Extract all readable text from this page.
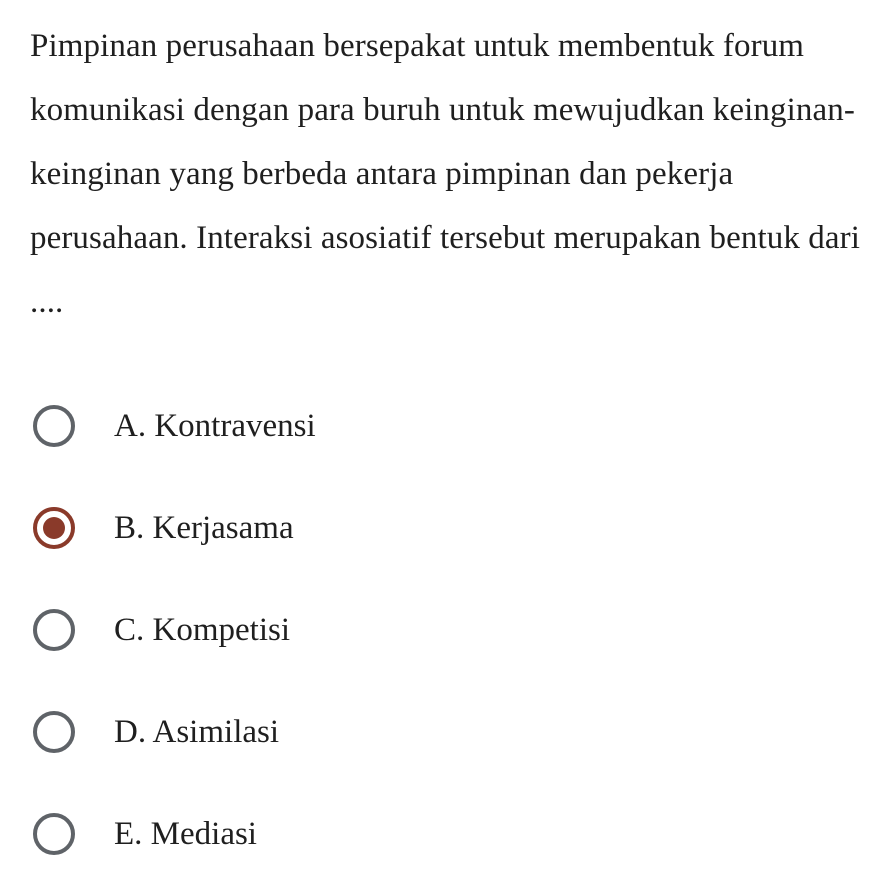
Pimpinan perusahaan bersepakat untuk membentuk forum komunikasi dengan para buruh untuk mewujudkan keinginan-keinginan yang berbeda antara pimpinan dan pekerja perusahaan. Interaksi asosiatif tersebut merupakan bentuk dari ....

A. Kontravensi
B. Kerjasama
C. Kompetisi
D. Asimilasi
E. Mediasi
